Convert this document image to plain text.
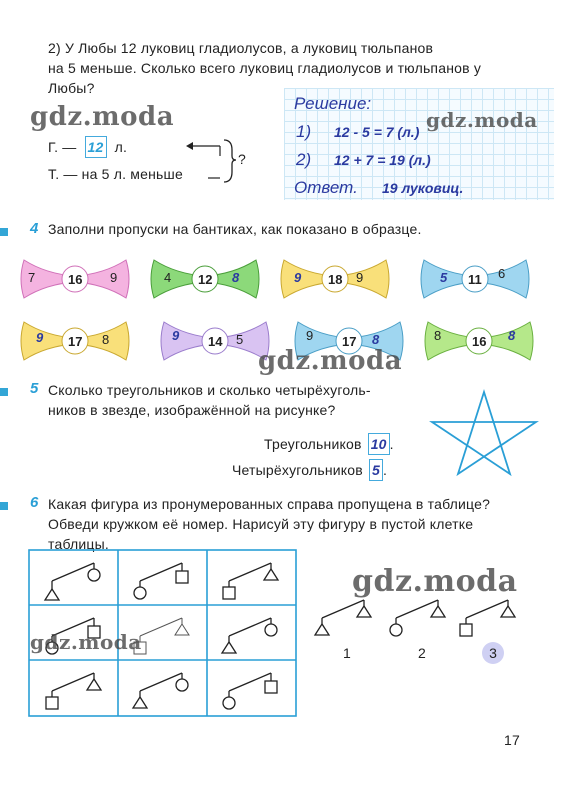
2) У Любы 12 луковиц гладиолусов, а луковиц тюльпанов
на 5 меньше. Сколько всего луковиц гладиолусов и тюльпанов у
Любы?
Г. — 12 л.
Т. — на 5 л. меньше
?
Решение:
1) 12 - 5 = 7 (л.)
2) 12 + 7 = 19 (л.)
Ответ. 19 луковиц.
4 Заполни пропуски на бантиках, как показано в образце.
7	16 9	4 12 8	9 18 9	5 11 6
9 17 8	9 14 5	9 17 8	8 16 8
5 Сколько треугольников и сколько четырёхуголь-
ников в звезде, изображённой на рисунке?
Треугольников 10 .
Четырёхугольников 5 .
6 Какая фигура из пронумерованных справа пропущена в таблице?
Обведи кружком её номер. Нарисуй эту фигуру в пустой клетке
таблицы.
1	2	3
gdz.moda	gdz.moda
gdz.moda
gdz.moda
gdz.moda
17
